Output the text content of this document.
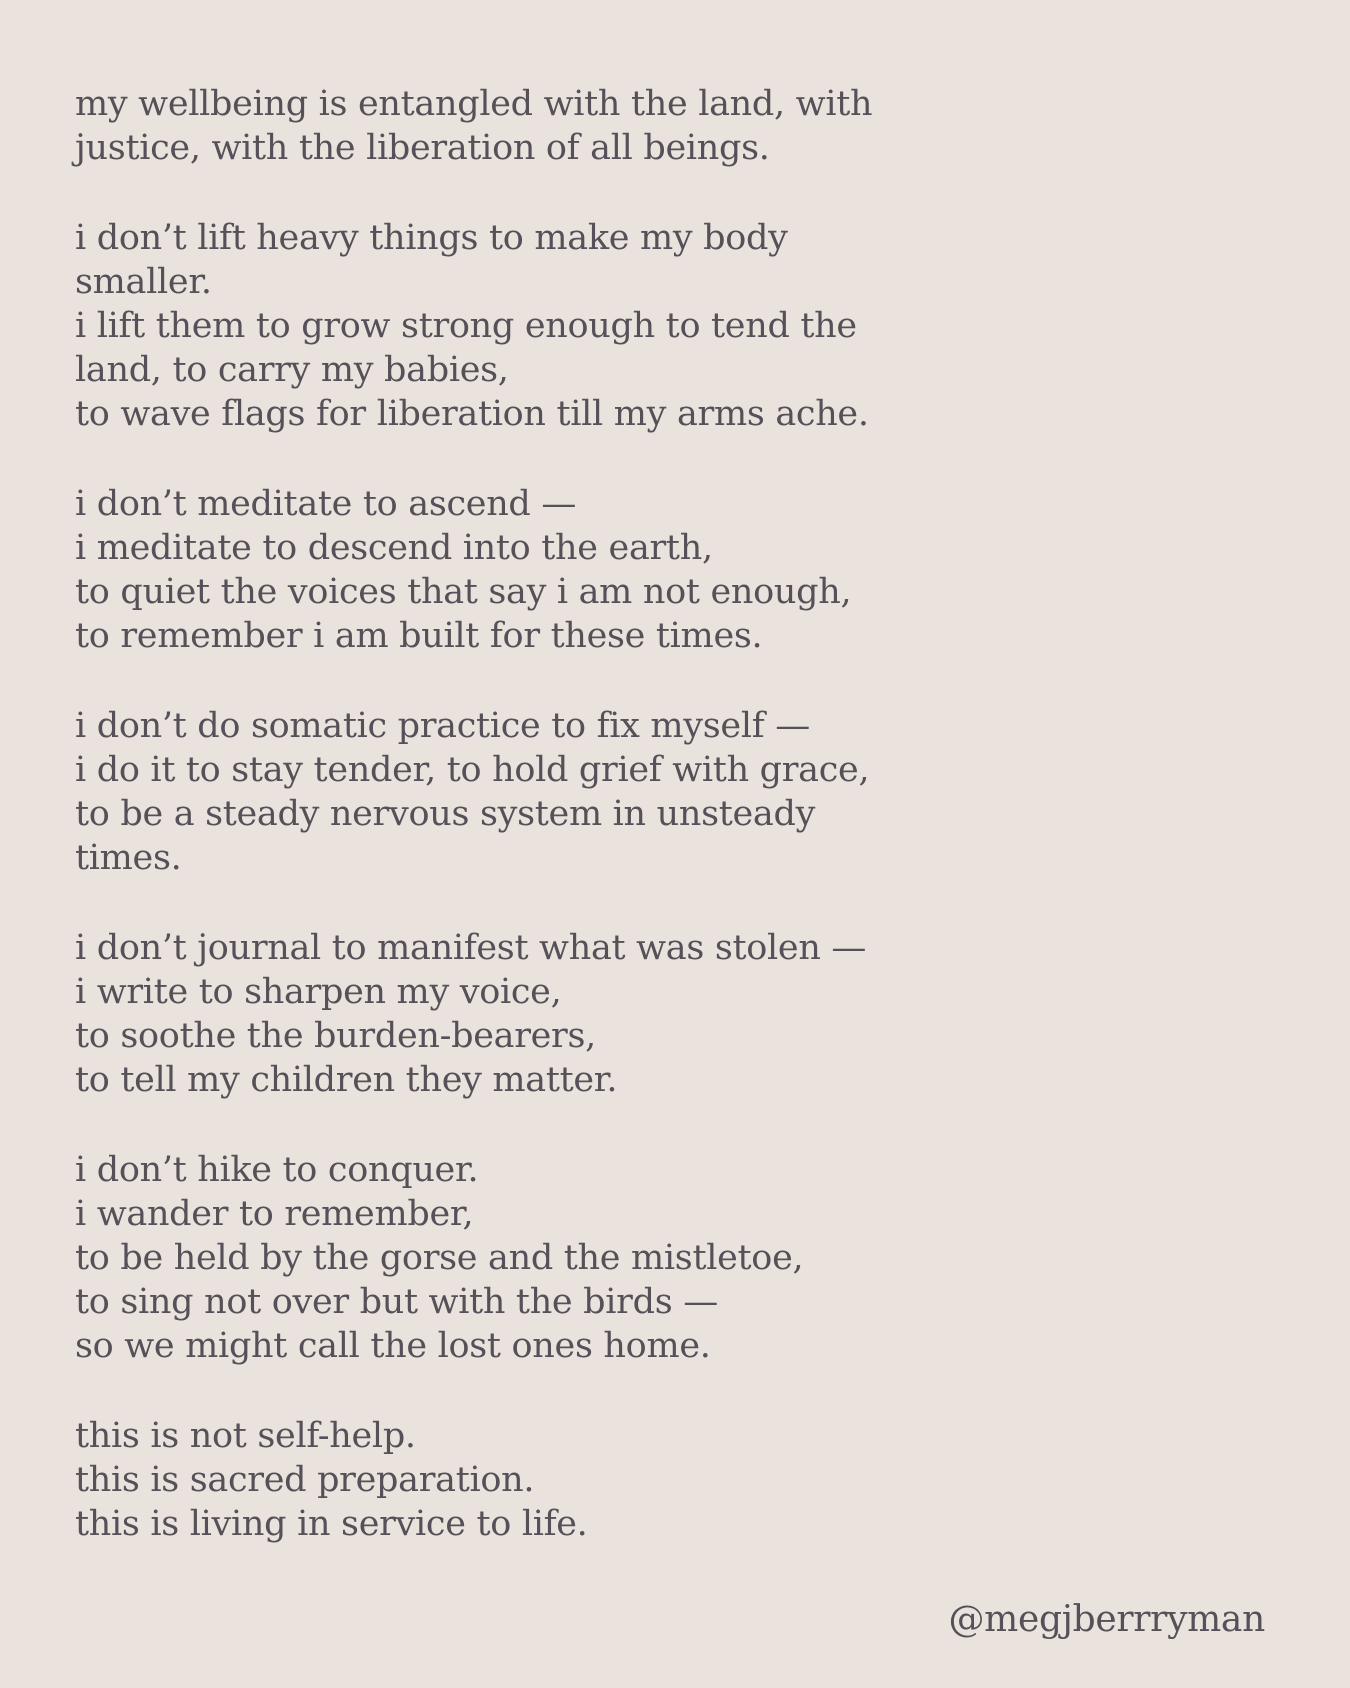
my wellbeing is entangled with the land, with
justice, with the liberation of all beings.
i don’t lift heavy things to make my body
smaller.
i lift them to grow strong enough to tend the
land, to carry my babies,
to wave flags for liberation till my arms ache.
i don’t meditate to ascend —
i meditate to descend into the earth,
to quiet the voices that say i am not enough,
to remember i am built for these times.
i don’t do somatic practice to fix myself —
i do it to stay tender, to hold grief with grace,
to be a steady nervous system in unsteady
times.
i don’t journal to manifest what was stolen —
i write to sharpen my voice,
to soothe the burden-bearers,
to tell my children they matter.
i don’t hike to conquer.
i wander to remember,
to be held by the gorse and the mistletoe,
to sing not over but with the birds —
so we might call the lost ones home.
this is not self-help.
this is sacred preparation.
this is living in service to life.
@megjberrryman
